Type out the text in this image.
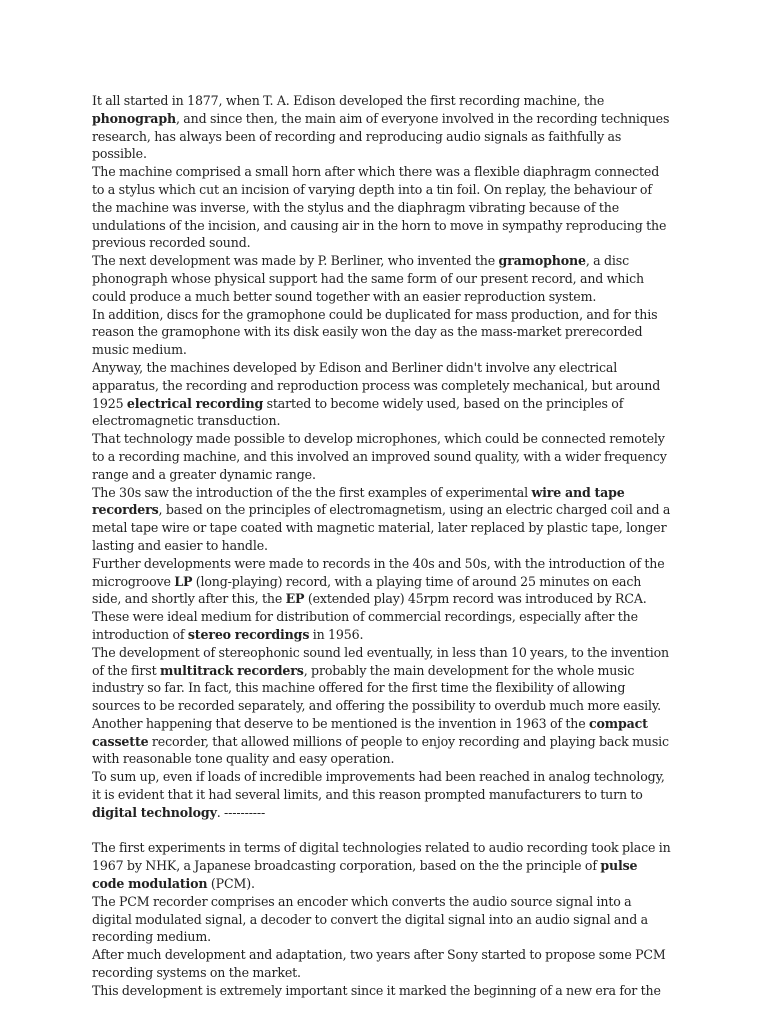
It all started in 1877, when T. A. Edison developed the first recording machine, the phonograph, and since then, the main aim of everyone involved in the recording techniques research, has always been of recording and reproducing audio signals as faithfully as possible.

The machine comprised a small horn after which there was a flexible diaphragm connected to a stylus which cut an incision of varying depth into a tin foil. On replay, the behaviour of the machine was inverse, with the stylus and the diaphragm vibrating because of the undulations of the incision, and causing air in the horn to move in sympathy reproducing the previous recorded sound.

The next development was made by P. Berliner, who invented the gramophone, a disc phonograph whose physical support had the same form of our present record, and which could produce a much better sound together with an easier reproduction system.

In addition, discs for the gramophone could be duplicated for mass production, and for this reason the gramophone with its disk easily won the day as the mass-market prerecorded music medium.

Anyway, the machines developed by Edison and Berliner didn't involve any electrical apparatus, the recording and reproduction process was completely mechanical, but around 1925 electrical recording started to become widely used, based on the principles of electromagnetic transduction.

That technology made possible to develop microphones, which could be connected remotely to a recording machine, and this involved an improved sound quality, with a wider frequency range and a greater dynamic range.

The 30s saw the introduction of the the first examples of experimental wire and tape recorders, based on the principles of electromagnetism, using an electric charged coil and a metal tape wire or tape coated with magnetic material, later replaced by plastic tape, longer lasting and easier to handle.

Further developments were made to records in the 40s and 50s, with the introduction of the microgroove LP (long-playing) record, with a playing time of around 25 minutes on each side, and shortly after this, the EP (extended play) 45rpm record was introduced by RCA. These were ideal medium for distribution of commercial recordings, especially after the introduction of stereo recordings in 1956.

The development of stereophonic sound led eventually, in less than 10 years, to the invention of the first multitrack recorders, probably the main development for the whole music industry so far. In fact, this machine offered for the first time the flexibility of allowing sources to be recorded separately, and offering the possibility to overdub much more easily.

Another happening that deserve to be mentioned is the invention in 1963 of the compact cassette recorder, that allowed millions of people to enjoy recording and playing back music with reasonable tone quality and easy operation.

To sum up, even if loads of incredible improvements had been reached in analog technology, it is evident that it had several limits, and this reason prompted manufacturers to turn to digital technology. ----------

The first experiments in terms of digital technologies related to audio recording took place in 1967 by NHK, a Japanese broadcasting corporation, based on the the principle of pulse code modulation (PCM).

The PCM recorder comprises an encoder which converts the audio source signal into a digital modulated signal, a decoder to convert the digital signal into an audio signal and a recording medium.

After much development and adaptation, two years after Sony started to propose some PCM recording systems on the market.

This development is extremely important since it marked the beginning of a new era for the
